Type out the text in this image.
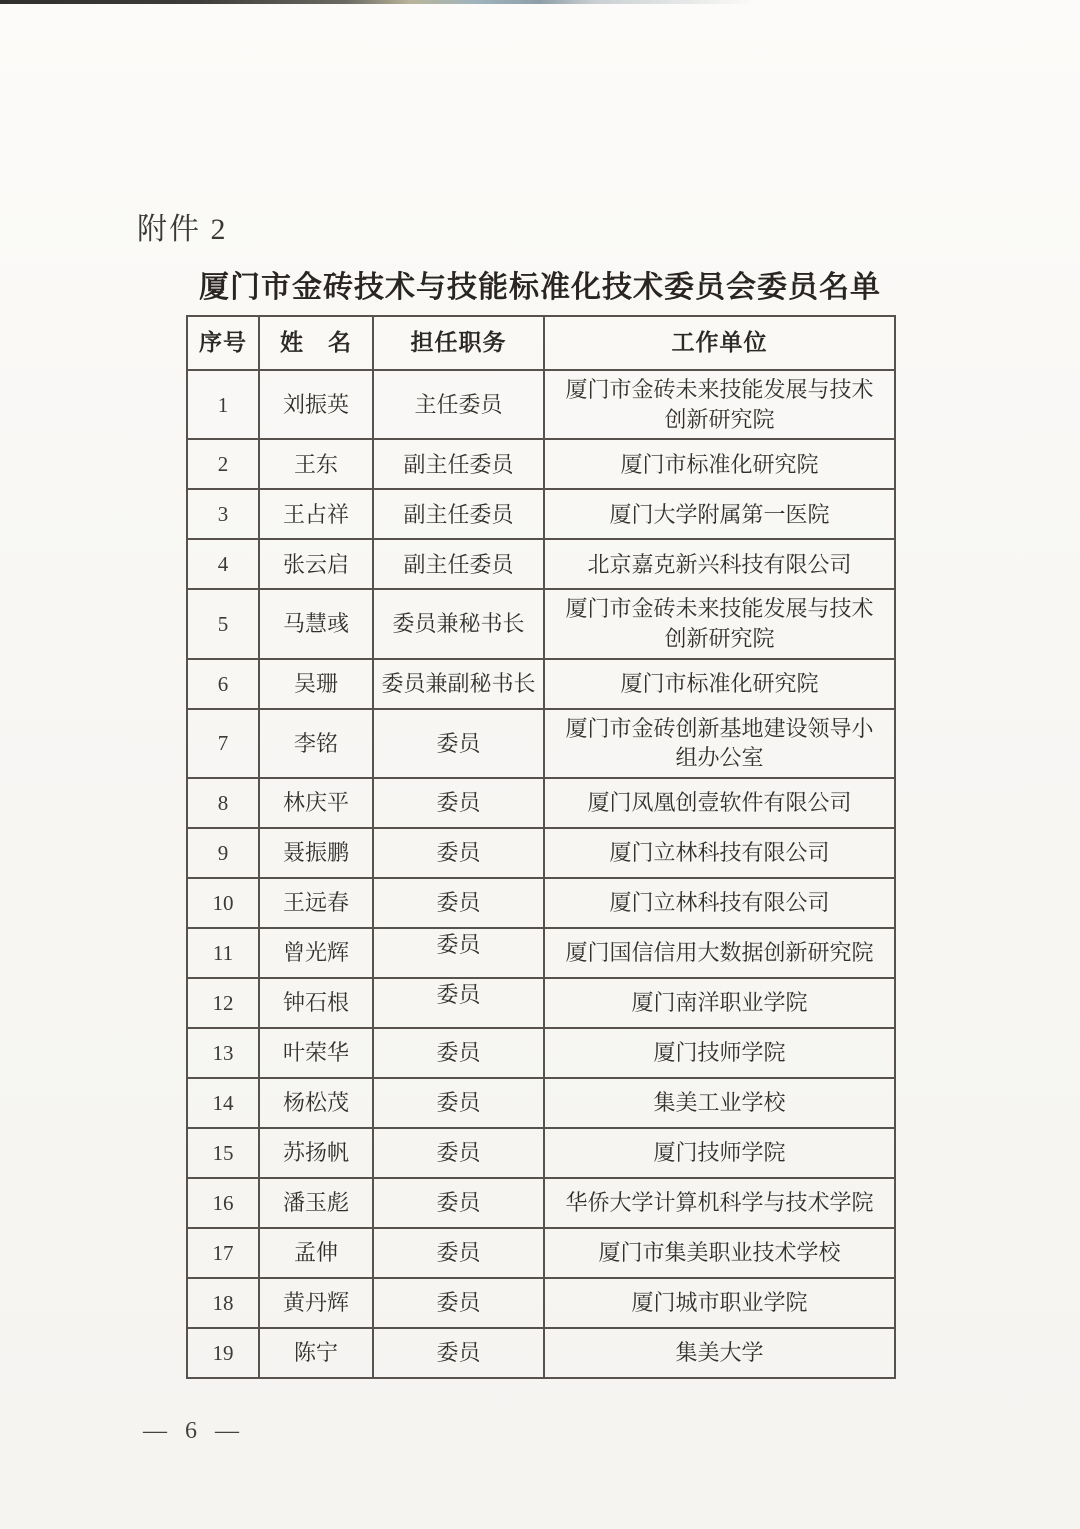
附件 2
厦门市金砖技术与技能标准化技术委员会委员名单
序号	姓　名	担任职务	工作单位
1	刘振英	主任委员	厦门市金砖未来技能发展与技术创新研究院
2	王东	副主任委员	厦门市标准化研究院
3	王占祥	副主任委员	厦门大学附属第一医院
4	张云启	副主任委员	北京嘉克新兴科技有限公司
5	马慧彧	委员兼秘书长	厦门市金砖未来技能发展与技术创新研究院
6	吴珊	委员兼副秘书长	厦门市标准化研究院
7	李铭	委员	厦门市金砖创新基地建设领导小组办公室
8	林庆平	委员	厦门凤凰创壹软件有限公司
9	聂振鹏	委员	厦门立林科技有限公司
10	王远春	委员	厦门立林科技有限公司
11	曾光辉	委员	厦门国信信用大数据创新研究院
12	钟石根	委员	厦门南洋职业学院
13	叶荣华	委员	厦门技师学院
14	杨松茂	委员	集美工业学校
15	苏扬帆	委员	厦门技师学院
16	潘玉彪	委员	华侨大学计算机科学与技术学院
17	孟伸	委员	厦门市集美职业技术学校
18	黄丹辉	委员	厦门城市职业学院
19	陈宁	委员	集美大学
— 6 —
